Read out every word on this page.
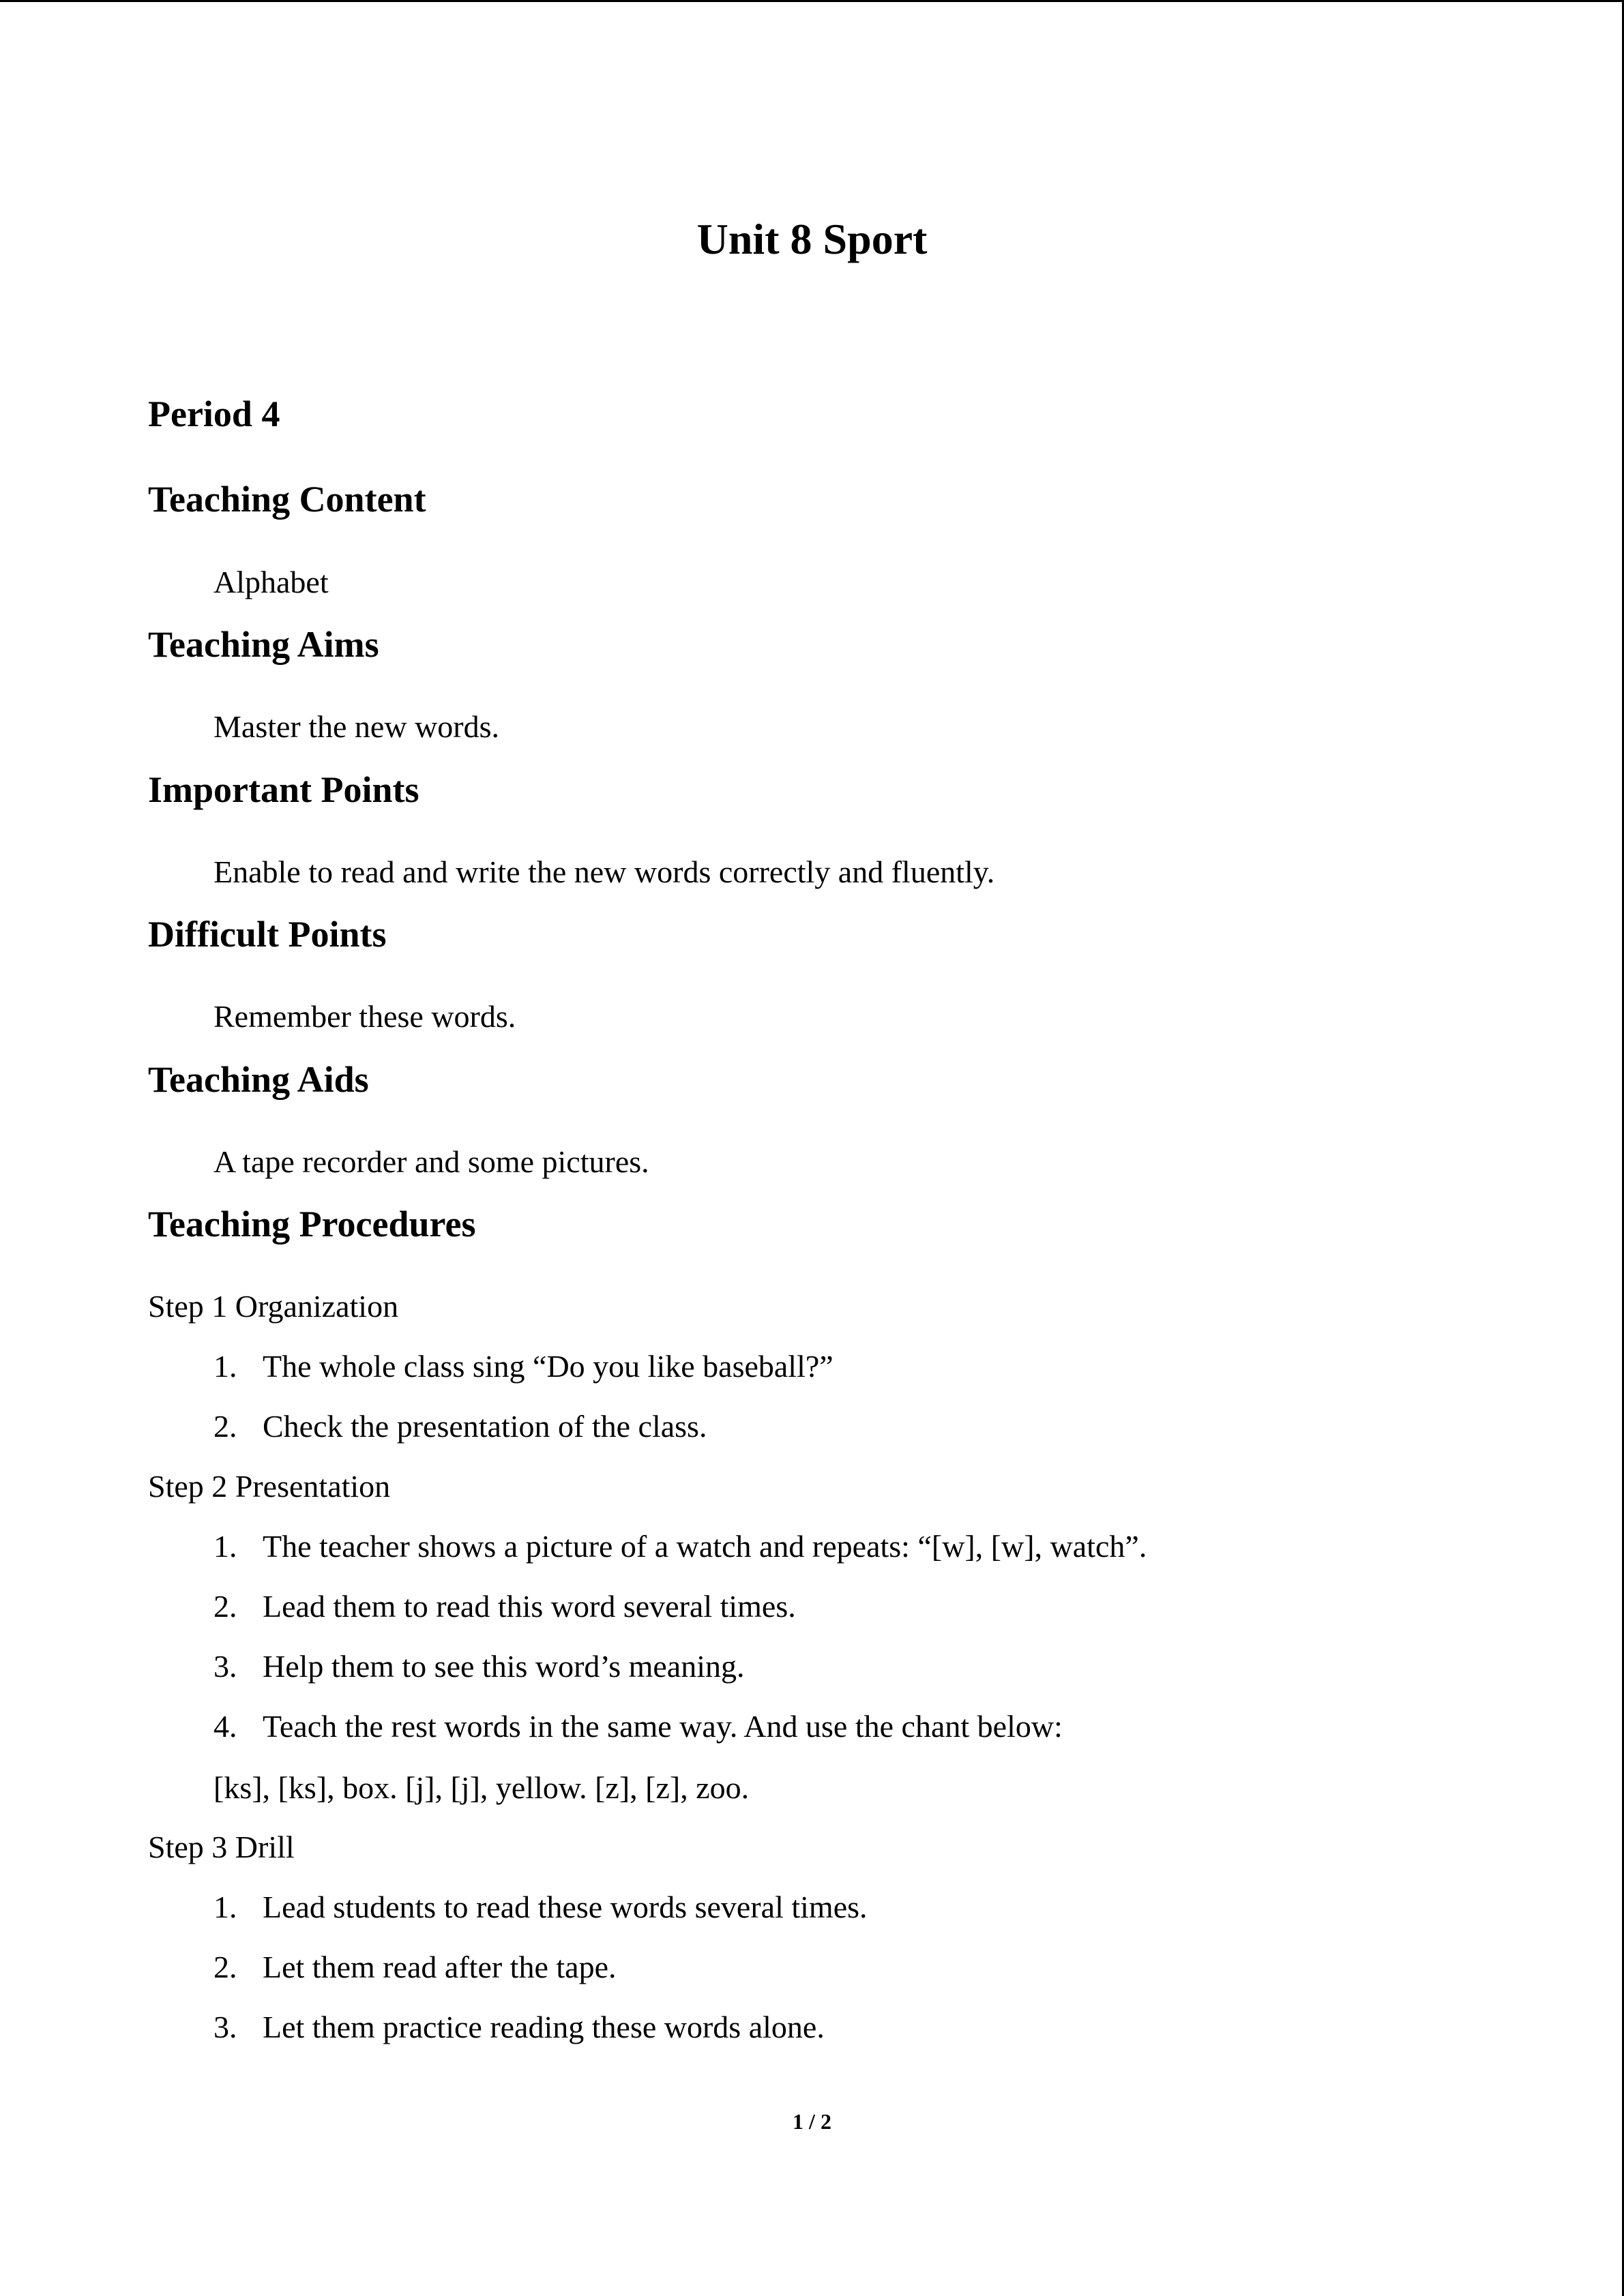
Unit 8 Sport
Period 4
Teaching Content
Alphabet
Teaching Aims
Master the new words.
Important Points
Enable to read and write the new words correctly and fluently.
Difficult Points
Remember these words.
Teaching Aids
A tape recorder and some pictures.
Teaching Procedures
Step 1 Organization
1. The whole class sing “Do you like baseball?”
2. Check the presentation of the class.
Step 2 Presentation
1. The teacher shows a picture of a watch and repeats: “[w], [w], watch”.
2. Lead them to read this word several times.
3. Help them to see this word’s meaning.
4. Teach the rest words in the same way. And use the chant below:
[ks], [ks], box. [j], [j], yellow. [z], [z], zoo.
Step 3 Drill
1. Lead students to read these words several times.
2. Let them read after the tape.
3. Let them practice reading these words alone.
1 / 2
